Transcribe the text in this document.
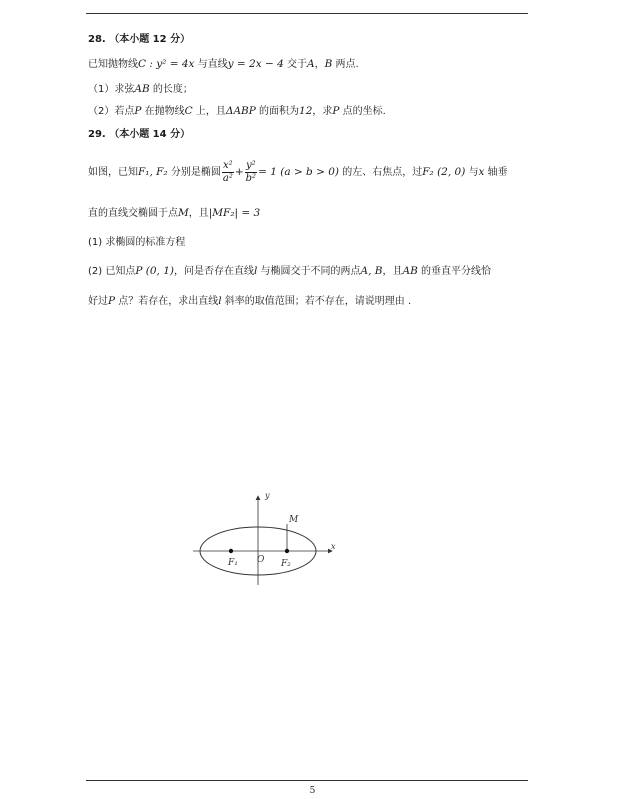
28. （本小题 12 分）
已知抛物线C : y² = 4x 与直线y = 2x − 4 交于A，B 两点.
（1）求弦AB 的长度；
（2）若点P 在抛物线C 上，且ΔABP 的面积为12，求P 点的坐标.
29. （本小题 14 分）
如图，已知F₁, F₂ 分别是椭圆 $\frac{\text{x²}}{\text{a²}} + \frac{\text{y²}}{\text{b²}} = 1$ (a > b > 0) 的左、右焦点，过F₂ (2, 0) 与x 轴垂
直的直线交椭圆于点M，且|MF₂| = 3
(1) 求椭圆的标准方程
(2) 已知点P (0, 1)，问是否存在直线l 与椭圆交于不同的两点A, B，且AB 的垂直平分线恰
好过P 点？若存在，求出直线l 斜率的取值范围；若不存在，请说明理由 .
y
x
M
O
F₁	F₂
5
